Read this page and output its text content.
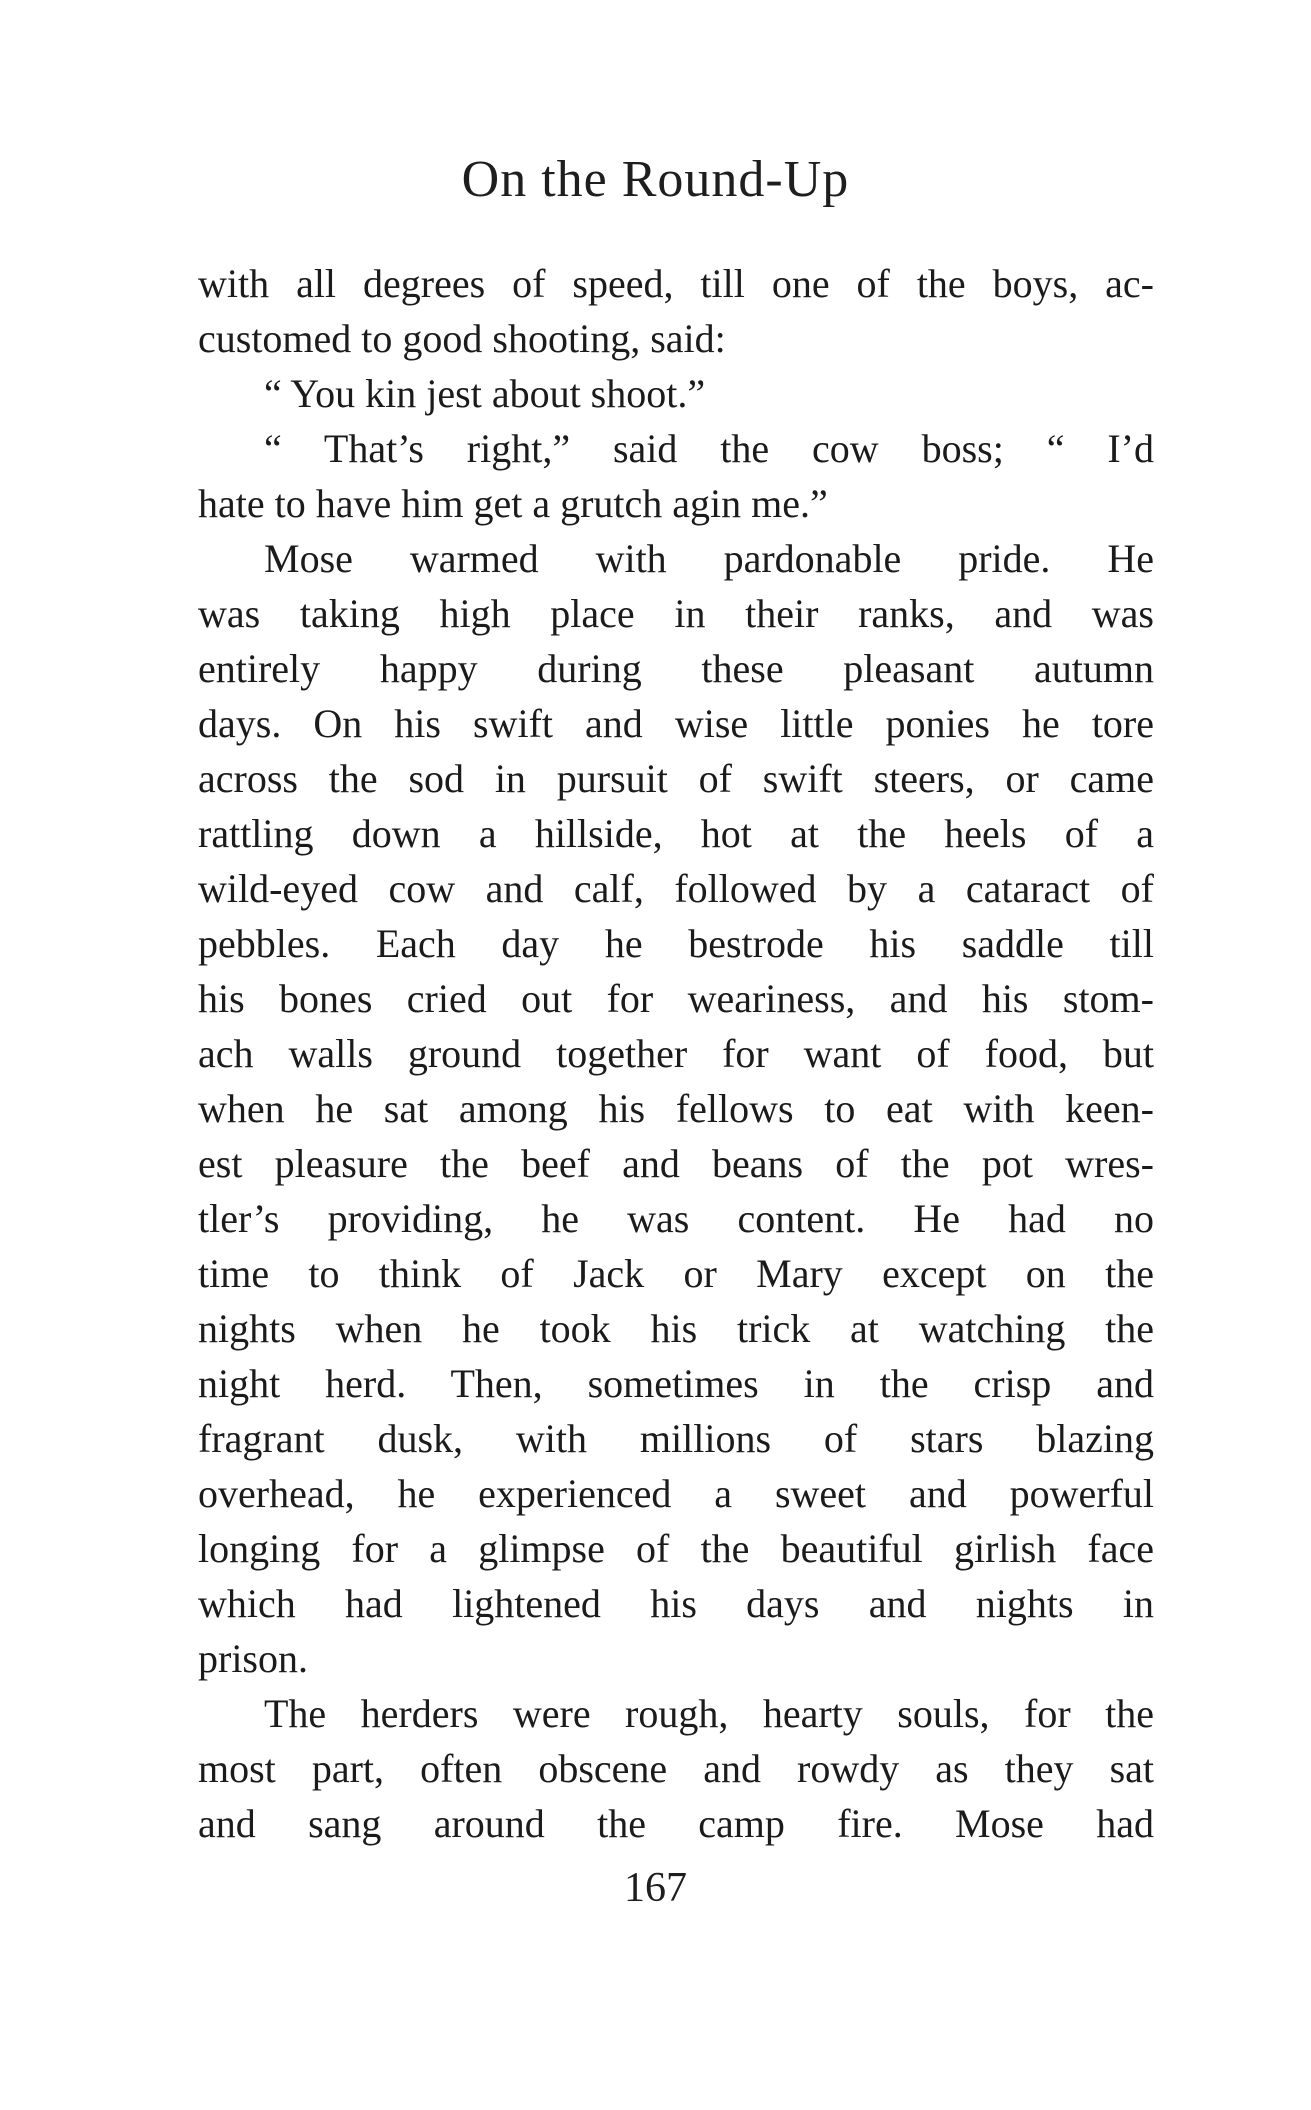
On the Round-Up
with all degrees of speed, till one of the boys, ac-
customed to good shooting, said:
“ You kin jest about shoot.”
“ That’s right,” said the cow boss; “ I’d
hate to have him get a grutch agin me.”
Mose warmed with pardonable pride. He
was taking high place in their ranks, and was
entirely happy during these pleasant autumn
days. On his swift and wise little ponies he tore
across the sod in pursuit of swift steers, or came
rattling down a hillside, hot at the heels of a
wild-eyed cow and calf, followed by a cataract of
pebbles. Each day he bestrode his saddle till
his bones cried out for weariness, and his stom-
ach walls ground together for want of food, but
when he sat among his fellows to eat with keen-
est pleasure the beef and beans of the pot wres-
tler’s providing, he was content. He had no
time to think of Jack or Mary except on the
nights when he took his trick at watching the
night herd. Then, sometimes in the crisp and
fragrant dusk, with millions of stars blazing
overhead, he experienced a sweet and powerful
longing for a glimpse of the beautiful girlish face
which had lightened his days and nights in
prison.
The herders were rough, hearty souls, for the
most part, often obscene and rowdy as they sat
and sang around the camp fire. Mose had
167
